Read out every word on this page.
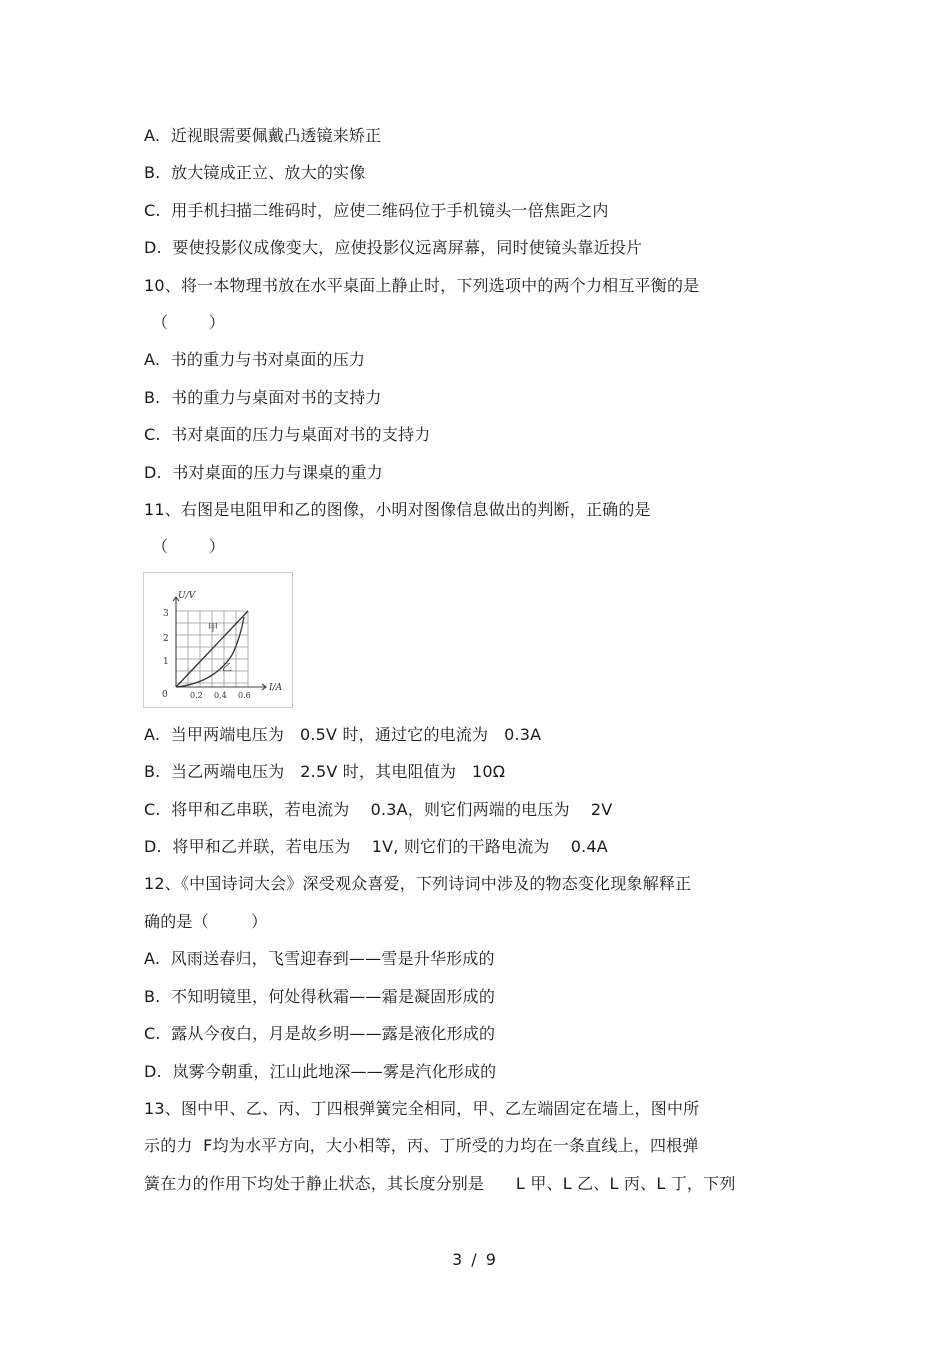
A.  近视眼需要佩戴凸透镜来矫正
B.  放大镜成正立、放大的实像
C.  用手机扫描二维码时，应使二维码位于手机镜头一倍焦距之内
D.  要使投影仪成像变大，应使投影仪远离屏幕，同时使镜头靠近投片
10、将一本物理书放在水平桌面上静止时，下列选项中的两个力相互平衡的是
（        ）
A.  书的重力与书对桌面的压力
B.  书的重力与桌面对书的支持力
C.  书对桌面的压力与桌面对书的支持力
D.  书对桌面的压力与课桌的重力
11、右图是电阻甲和乙的图像，小明对图像信息做出的判断，正确的是
（        ）
U/V
I/A
0
1
2
3
0.2 0.4 0.6
甲
乙
A.  当甲两端电压为   0.5V 时，通过它的电流为   0.3A
B.  当乙两端电压为   2.5V 时，其电阻值为   10Ω
C.  将甲和乙串联，若电流为    0.3A，则它们两端的电压为    2V
D.  将甲和乙并联，若电压为    1V, 则它们的干路电流为    0.4A
12、《中国诗词大会》深受观众喜爱，下列诗词中涉及的物态变化现象解释正
确的是（        ）
A.  风雨送春归，飞雪迎春到——雪是升华形成的
B.  不知明镜里，何处得秋霜——霜是凝固形成的
C.  露从今夜白，月是故乡明——露是液化形成的
D.  岚雾今朝重，江山此地深——雾是汽化形成的
13、图中甲、乙、丙、丁四根弹簧完全相同，甲、乙左端固定在墙上，图中所
示的力  F均为水平方向，大小相等，丙、丁所受的力均在一条直线上，四根弹
簧在力的作用下均处于静止状态，其长度分别是      L 甲、L 乙、L 丙、L 丁，下列
3 / 9
